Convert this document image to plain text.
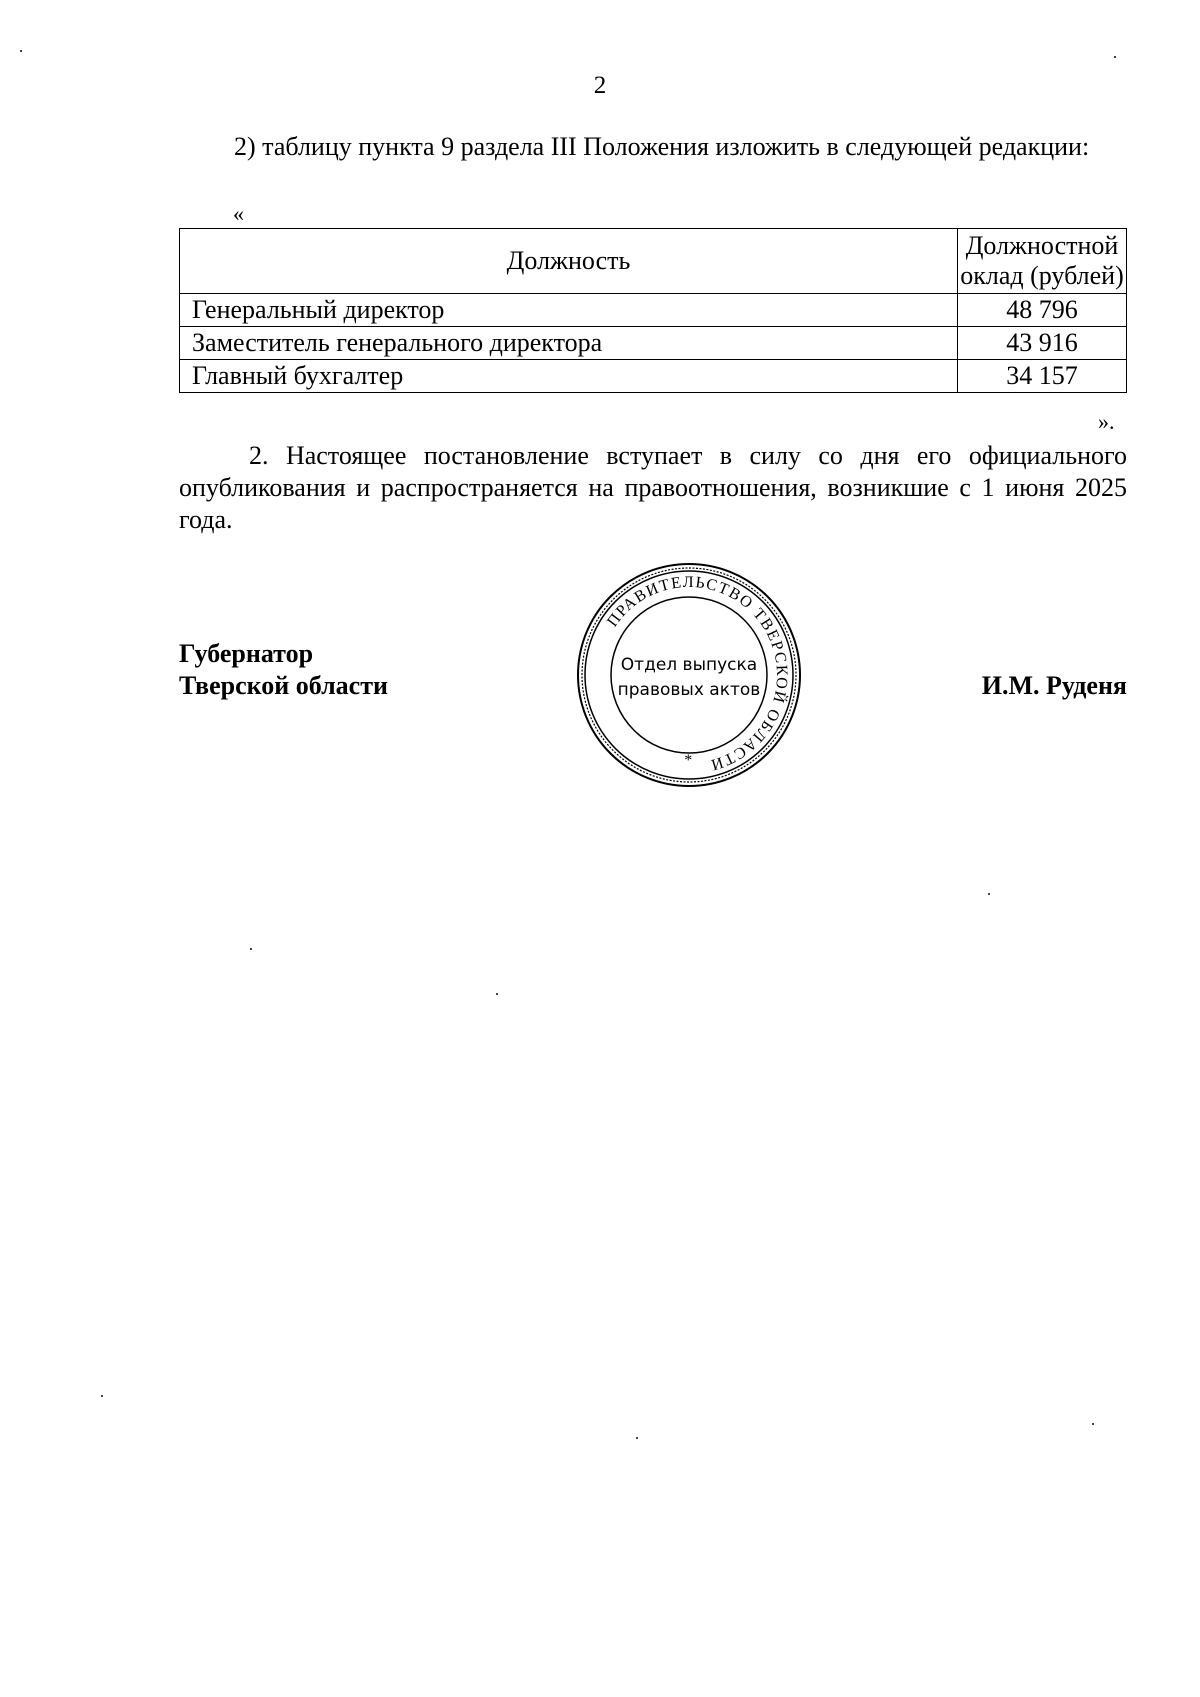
2
2) таблицу пункта 9 раздела III Положения изложить в следующей редакции:
«
Должность	Должностной оклад (рублей)
Генеральный директор	48 796
Заместитель генерального директора	43 916
Главный бухгалтер	34 157
».
2. Настоящее постановление вступает в силу со дня его официального опубликования и распространяется на правоотношения, возникшие с 1 июня 2025 года.
Губернатор
Тверской области	И.М. Руденя
ПРАВИТЕЛЬСТВО ТВЕРСКОЙ ОБЛАСТИ
Отдел выпуска
правовых актов
*
